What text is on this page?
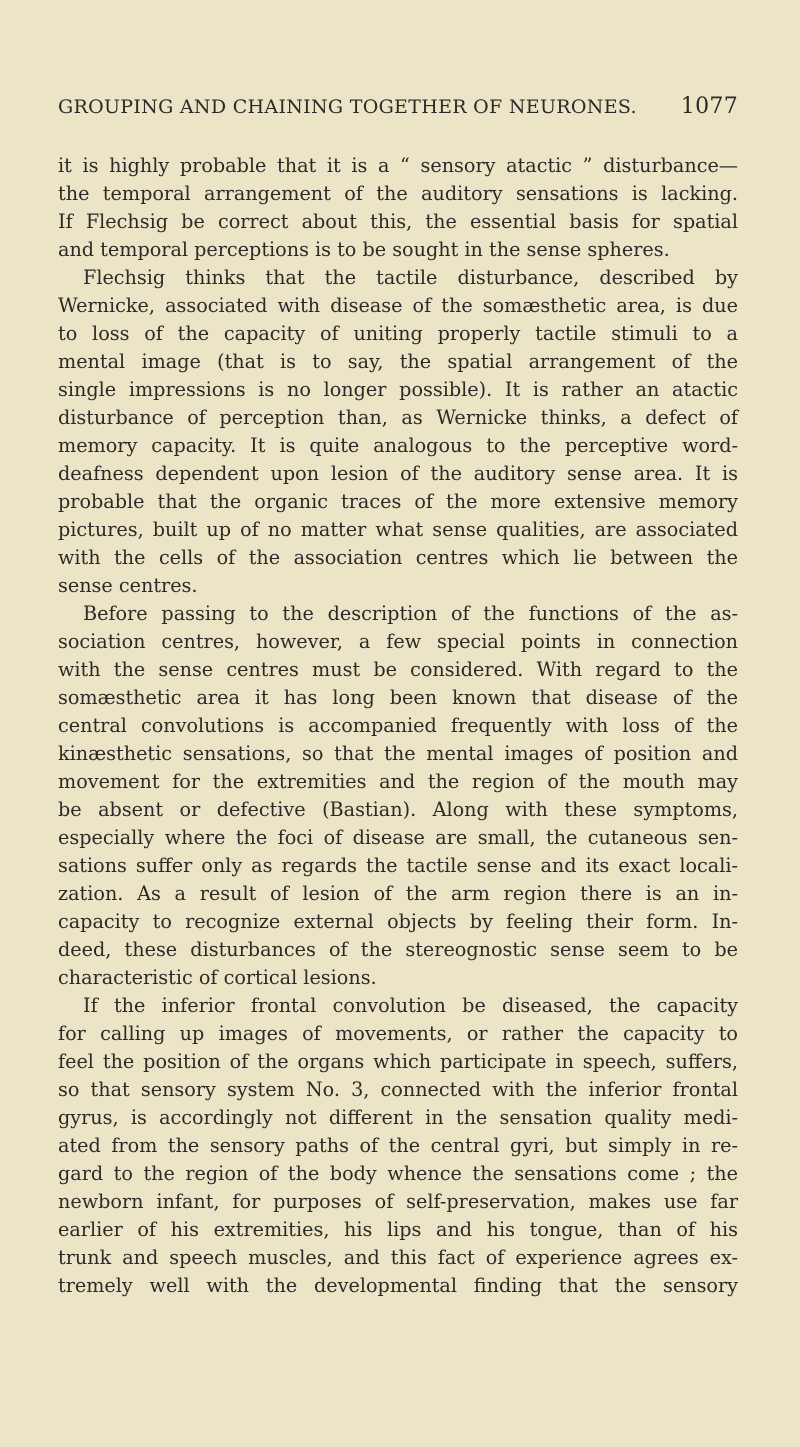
GROUPING AND CHAINING TOGETHER OF NEURONES. 1077
it is highly probable that it is a “ sensory atactic ” disturbance—
the temporal arrangement of the auditory sensations is lacking.
If Flechsig be correct about this, the essential basis for spatial
and temporal perceptions is to be sought in the sense spheres.
Flechsig thinks that the tactile disturbance, described by
Wernicke, associated with disease of the somæsthetic area, is due
to loss of the capacity of uniting properly tactile stimuli to a
mental image (that is to say, the spatial arrangement of the
single impressions is no longer possible). It is rather an atactic
disturbance of perception than, as Wernicke thinks, a defect of
memory capacity. It is quite analogous to the perceptive word-
deafness dependent upon lesion of the auditory sense area. It is
probable that the organic traces of the more extensive memory
pictures, built up of no matter what sense qualities, are associated
with the cells of the association centres which lie between the
sense centres.
Before passing to the description of the functions of the as-
sociation centres, however, a few special points in connection
with the sense centres must be considered. With regard to the
somæsthetic area it has long been known that disease of the
central convolutions is accompanied frequently with loss of the
kinæsthetic sensations, so that the mental images of position and
movement for the extremities and the region of the mouth may
be absent or defective (Bastian). Along with these symptoms,
especially where the foci of disease are small, the cutaneous sen-
sations suffer only as regards the tactile sense and its exact locali-
zation. As a result of lesion of the arm region there is an in-
capacity to recognize external objects by feeling their form. In-
deed, these disturbances of the stereognostic sense seem to be
characteristic of cortical lesions.
If the inferior frontal convolution be diseased, the capacity
for calling up images of movements, or rather the capacity to
feel the position of the organs which participate in speech, suffers,
so that sensory system No. 3, connected with the inferior frontal
gyrus, is accordingly not different in the sensation quality medi-
ated from the sensory paths of the central gyri, but simply in re-
gard to the region of the body whence the sensations come ; the
newborn infant, for purposes of self-preservation, makes use far
earlier of his extremities, his lips and his tongue, than of his
trunk and speech muscles, and this fact of experience agrees ex-
tremely well with the developmental finding that the sensory
